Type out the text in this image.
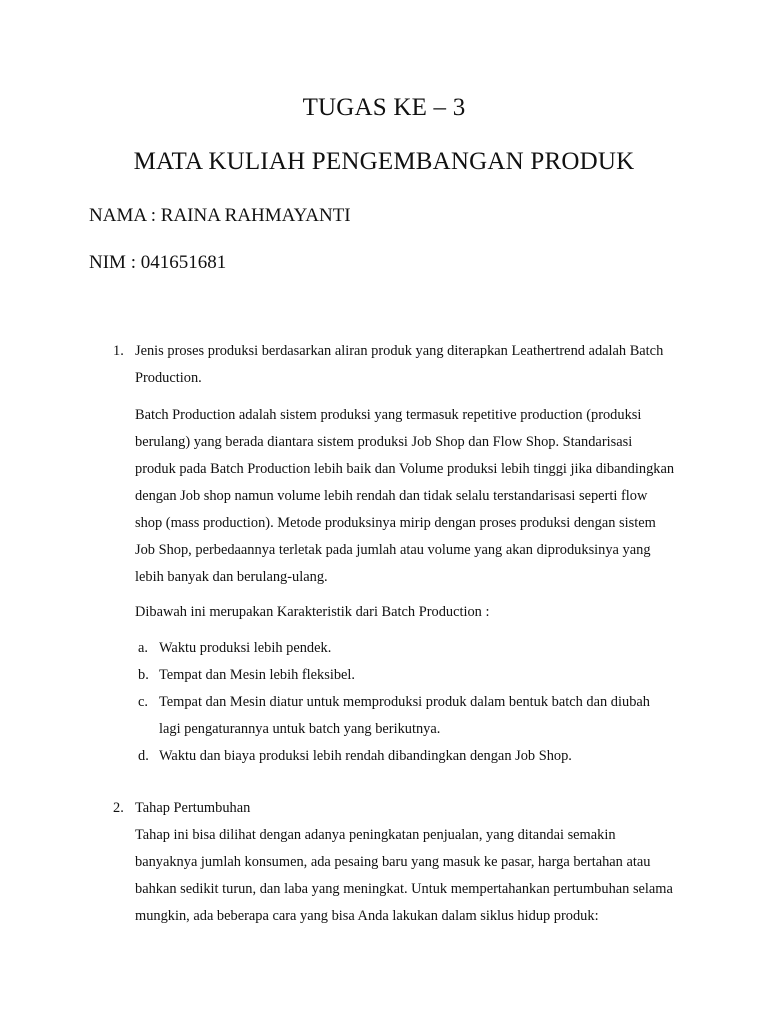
TUGAS KE – 3
MATA KULIAH PENGEMBANGAN PRODUK
NAMA : RAINA RAHMAYANTI
NIM : 041651681
1. Jenis proses produksi berdasarkan aliran produk yang diterapkan Leathertrend adalah Batch Production.

Batch Production adalah sistem produksi yang termasuk repetitive production (produksi berulang) yang berada diantara sistem produksi Job Shop dan Flow Shop. Standarisasi produk pada Batch Production lebih baik dan Volume produksi lebih tinggi jika dibandingkan dengan Job shop namun volume lebih rendah dan tidak selalu terstandarisasi seperti flow shop (mass production). Metode produksinya mirip dengan proses produksi dengan sistem Job Shop, perbedaannya terletak pada jumlah atau volume yang akan diproduksinya yang lebih banyak dan berulang-ulang.

Dibawah ini merupakan Karakteristik dari Batch Production :

a. Waktu produksi lebih pendek.
b. Tempat dan Mesin lebih fleksibel.
c. Tempat dan Mesin diatur untuk memproduksi produk dalam bentuk batch dan diubah lagi pengaturannya untuk batch yang berikutnya.
d. Waktu dan biaya produksi lebih rendah dibandingkan dengan Job Shop.
2. Tahap Pertumbuhan

Tahap ini bisa dilihat dengan adanya peningkatan penjualan, yang ditandai semakin banyaknya jumlah konsumen, ada pesaing baru yang masuk ke pasar, harga bertahan atau bahkan sedikit turun, dan laba yang meningkat. Untuk mempertahankan pertumbuhan selama mungkin, ada beberapa cara yang bisa Anda lakukan dalam siklus hidup produk:
